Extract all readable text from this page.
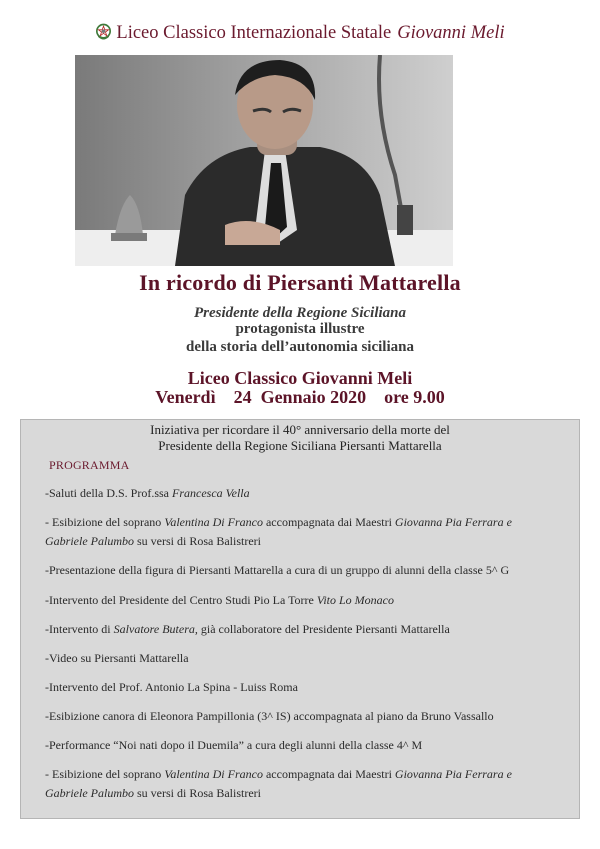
Liceo Classico Internazionale Statale Giovanni Meli
In ricordo di Piersanti Mattarella
Presidente della Regione Siciliana
protagonista illustre
della storia dell’autonomia siciliana
Liceo Classico Giovanni Meli
Venerdì    24  Gennaio 2020    ore 9.00
Iniziativa per ricordare il 40° anniversario della morte del
Presidente della Regione Siciliana Piersanti Mattarella
PROGRAMMA
-Saluti della D.S. Prof.ssa Francesca Vella
- Esibizione del soprano Valentina Di Franco accompagnata dai Maestri Giovanna Pia Ferrara e Gabriele Palumbo su versi di Rosa Balistreri
-Presentazione della figura di Piersanti Mattarella a cura di un gruppo di alunni della classe 5^ G
-Intervento del Presidente del Centro Studi Pio La Torre Vito Lo Monaco
-Intervento di Salvatore Butera, già collaboratore del Presidente Piersanti Mattarella
-Video su Piersanti Mattarella
-Intervento del Prof. Antonio La Spina - Luiss Roma
-Esibizione canora di Eleonora Pampillonia (3^ IS) accompagnata al piano da Bruno Vassallo
-Performance “Noi nati dopo il Duemila” a cura degli alunni della classe 4^ M
- Esibizione del soprano Valentina Di Franco accompagnata dai Maestri Giovanna Pia Ferrara e Gabriele Palumbo su versi di Rosa Balistreri
